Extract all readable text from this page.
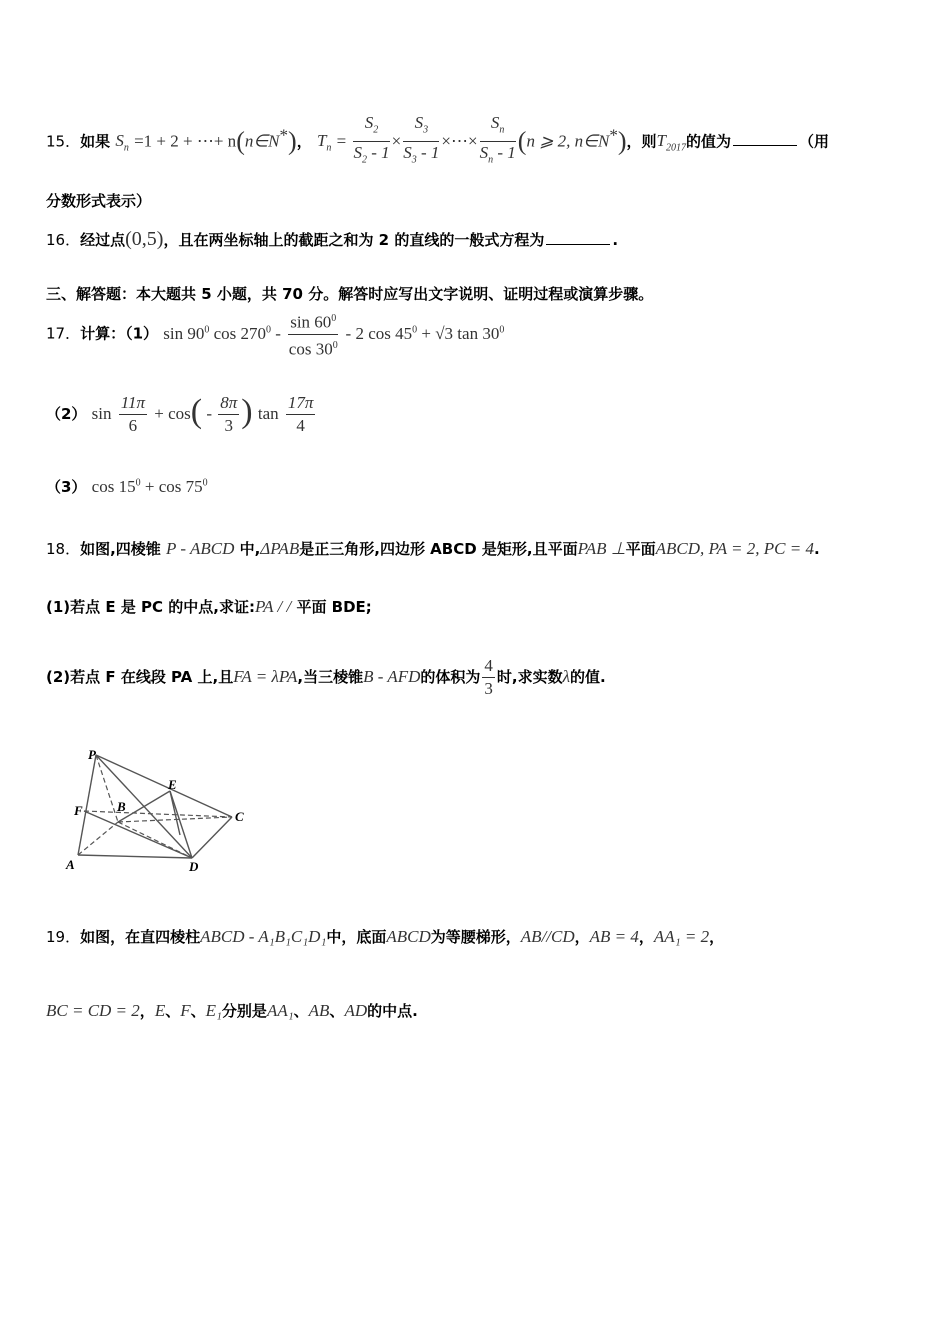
15．如果 $S_n =1 + 2$ + ⋯+ n(n∈N*)， $T_n = \frac{S_2}{S_2 - 1} \times \frac{S_3}{S_3 - 1}$ ×⋯× $\frac{S_n}{S_n - 1} (n$ ⩾ 2, n∈N*)，则$T_{2017}$的值为	（用
分数形式表示）
16．经过点(0,5)，且在两坐标轴上的截距之和为 2 的直线的一般式方程为	.
三、解答题：本大题共 5 小题，共 70 分。解答时应写出文字说明、证明过程或演算步骤。
17．计算：（1） $\sin 90^0$ $\cos 270^0 - \frac{\sin 60^0}{\cos 30^0} - 2$ $\cos 45^0 + √3$ $\tan 30^0$
（2） $\sin \frac{11\pi}{6} + \cos( - \frac{8\pi}{3}$ ) $\tan \frac{17\pi}{4}$
（3） $\cos 15^0 + \cos 75^0$
18．如图,四棱锥 P - ABCD 中,ΔPAB是正三角形,四边形 ABCD 是矩形,且平面PAB ⊥平面ABCD, PA = 2, PC = 4.
(1)若点 E 是 PC 的中点,求证:PA / / 平面 BDE;
(2)若点 F 在线段 PA 上,且FA = λPA,当三棱锥B - AFD的体积为 $\frac{4}{3}$ 时,求实数λ的值.
P
E
F	B
C
A	D
19．如图，在直四棱柱ABCD - A₁B₁C₁D₁中，底面ABCD为等腰梯形，AB//CD，AB = 4，AA₁ = 2，
BC = CD = 2，E、F、E₁分别是AA₁、AB、AD的中点.
